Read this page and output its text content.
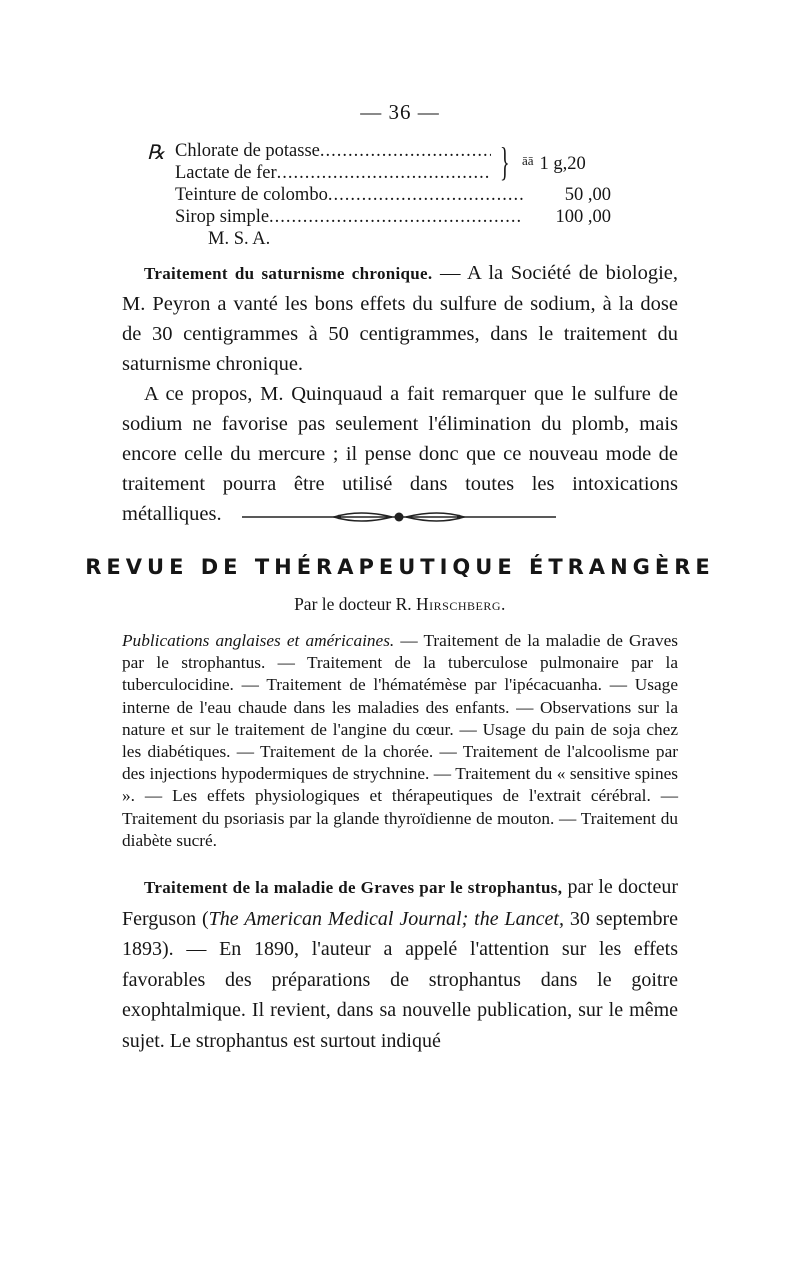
— 36 —
℞ Chlorate de potasse
.....
Lactate de fer
.....
Teinture de colombo .....	50 ,00
Sirop simple .....	100 ,00
M. S. A.
} $^{āā}$ 1 g,20

Traitement du saturnisme chronique. — A la Société de biologie, M. Peyron a vanté les bons effets du sulfure de sodium, à la dose de 30 centigrammes à 50 centigrammes, dans le traitement du saturnisme chronique.

A ce propos, M. Quinquaud a fait remarquer que le sulfure de sodium ne favorise pas seulement l'élimination du plomb, mais encore celle du mercure ; il pense donc que ce nouveau mode de traitement pourra être utilisé dans toutes les intoxications métalliques.

REVUE DE THÉRAPEUTIQUE ÉTRANGÈRE
Par le docteur R. Hirschberg.

Publications anglaises et américaines. — Traitement de la maladie de Graves par le strophantus. — Traitement de la tuberculose pulmonaire par la tuberculocidine. — Traitement de l'hématémèse par l'ipécacuanha. — Usage interne de l'eau chaude dans les maladies des enfants. — Observations sur la nature et sur le traitement de l'angine du cœur. — Usage du pain de soja chez les diabétiques. — Traitement de la chorée. — Traitement de l'alcoolisme par des injections hypodermiques de strychnine. — Traitement du « sensitive spines ». — Les effets physiologiques et thérapeutiques de l'extrait cérébral. — Traitement du psoriasis par la glande thyroïdienne de mouton. — Traitement du diabète sucré.

Traitement de la maladie de Graves par le strophantus, par le docteur Ferguson (The American Medical Journal; the Lancet, 30 septembre 1893). — En 1890, l'auteur a appelé l'attention sur les effets favorables des préparations de strophantus dans le goitre exophtalmique. Il revient, dans sa nouvelle publication, sur le même sujet. Le strophantus est surtout indiqué
